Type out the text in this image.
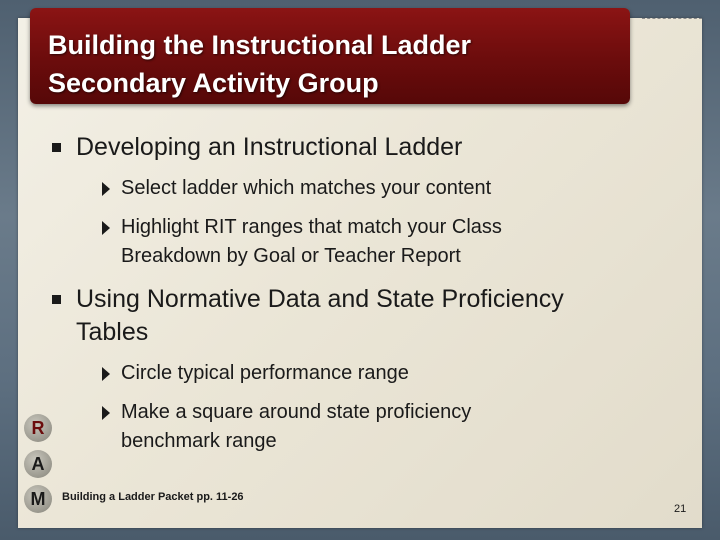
Building the Instructional Ladder
Secondary Activity Group
Developing an Instructional Ladder
Select ladder which matches your content
Highlight RIT ranges that match your Class
Breakdown by Goal or Teacher Report
Using Normative Data and State Proficiency
Tables
Circle typical performance range
Make a square around state proficiency
benchmark range
R
A
M	Building a Ladder Packet pp. 11-26
21
